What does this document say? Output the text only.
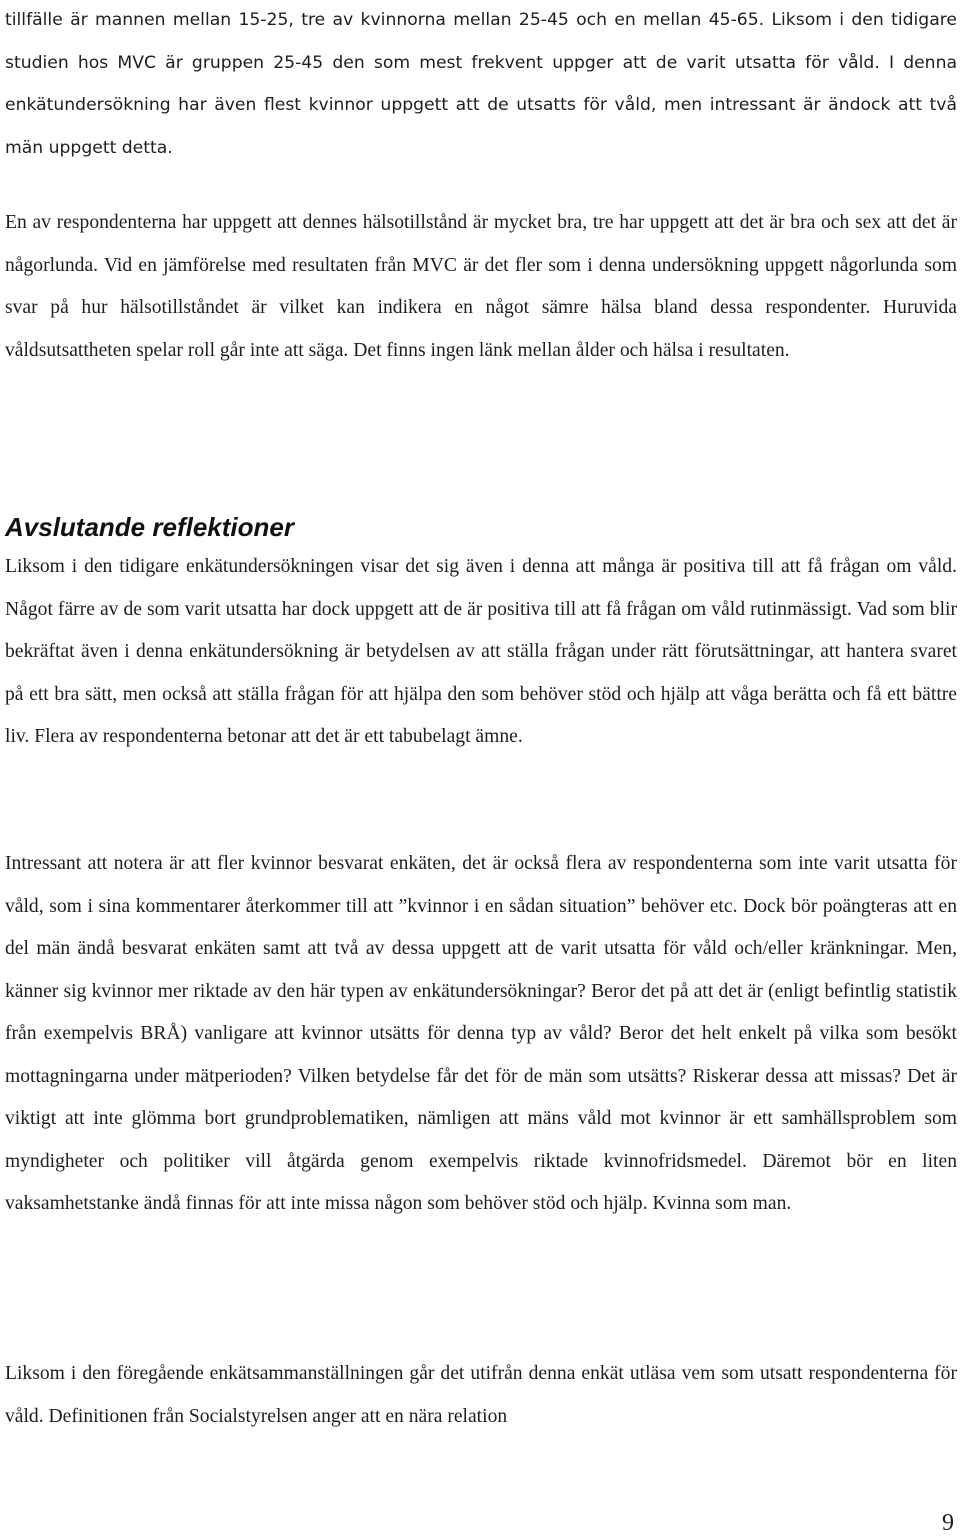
tillfälle är mannen mellan 15-25, tre av kvinnorna mellan 25-45 och en mellan 45-65. Liksom i den tidigare studien hos MVC är gruppen 25-45 den som mest frekvent uppger att de varit utsatta för våld. I denna enkätundersökning har även flest kvinnor uppgett att de utsatts för våld, men intressant är ändock att två män uppgett detta.

En av respondenterna har uppgett att dennes hälsotillstånd är mycket bra, tre har uppgett att det är bra och sex att det är någorlunda. Vid en jämförelse med resultaten från MVC är det fler som i denna undersökning uppgett någorlunda som svar på hur hälsotillståndet är vilket kan indikera en något sämre hälsa bland dessa respondenter. Huruvida våldsutsattheten spelar roll går inte att säga. Det finns ingen länk mellan ålder och hälsa i resultaten.

Avslutande reflektioner

Liksom i den tidigare enkätundersökningen visar det sig även i denna att många är positiva till att få frågan om våld. Något färre av de som varit utsatta har dock uppgett att de är positiva till att få frågan om våld rutinmässigt. Vad som blir bekräftat även i denna enkätundersökning är betydelsen av att ställa frågan under rätt förutsättningar, att hantera svaret på ett bra sätt, men också att ställa frågan för att hjälpa den som behöver stöd och hjälp att våga berätta och få ett bättre liv. Flera av respondenterna betonar att det är ett tabubelagt ämne.

Intressant att notera är att fler kvinnor besvarat enkäten, det är också flera av respondenterna som inte varit utsatta för våld, som i sina kommentarer återkommer till att ”kvinnor i en sådan situation” behöver etc. Dock bör poängteras att en del män ändå besvarat enkäten samt att två av dessa uppgett att de varit utsatta för våld och/eller kränkningar. Men, känner sig kvinnor mer riktade av den här typen av enkätundersökningar? Beror det på att det är (enligt befintlig statistik från exempelvis BRÅ) vanligare att kvinnor utsätts för denna typ av våld? Beror det helt enkelt på vilka som besökt mottagningarna under mätperioden? Vilken betydelse får det för de män som utsätts? Riskerar dessa att missas? Det är viktigt att inte glömma bort grundproblematiken, nämligen att mäns våld mot kvinnor är ett samhällsproblem som myndigheter och politiker vill åtgärda genom exempelvis riktade kvinnofridsmedel. Däremot bör en liten vaksamhetstanke ändå finnas för att inte missa någon som behöver stöd och hjälp. Kvinna som man.

Liksom i den föregående enkätsammanställningen går det utifrån denna enkät utläsa vem som utsatt respondenterna för våld. Definitionen från Socialstyrelsen anger att en nära relation

9
